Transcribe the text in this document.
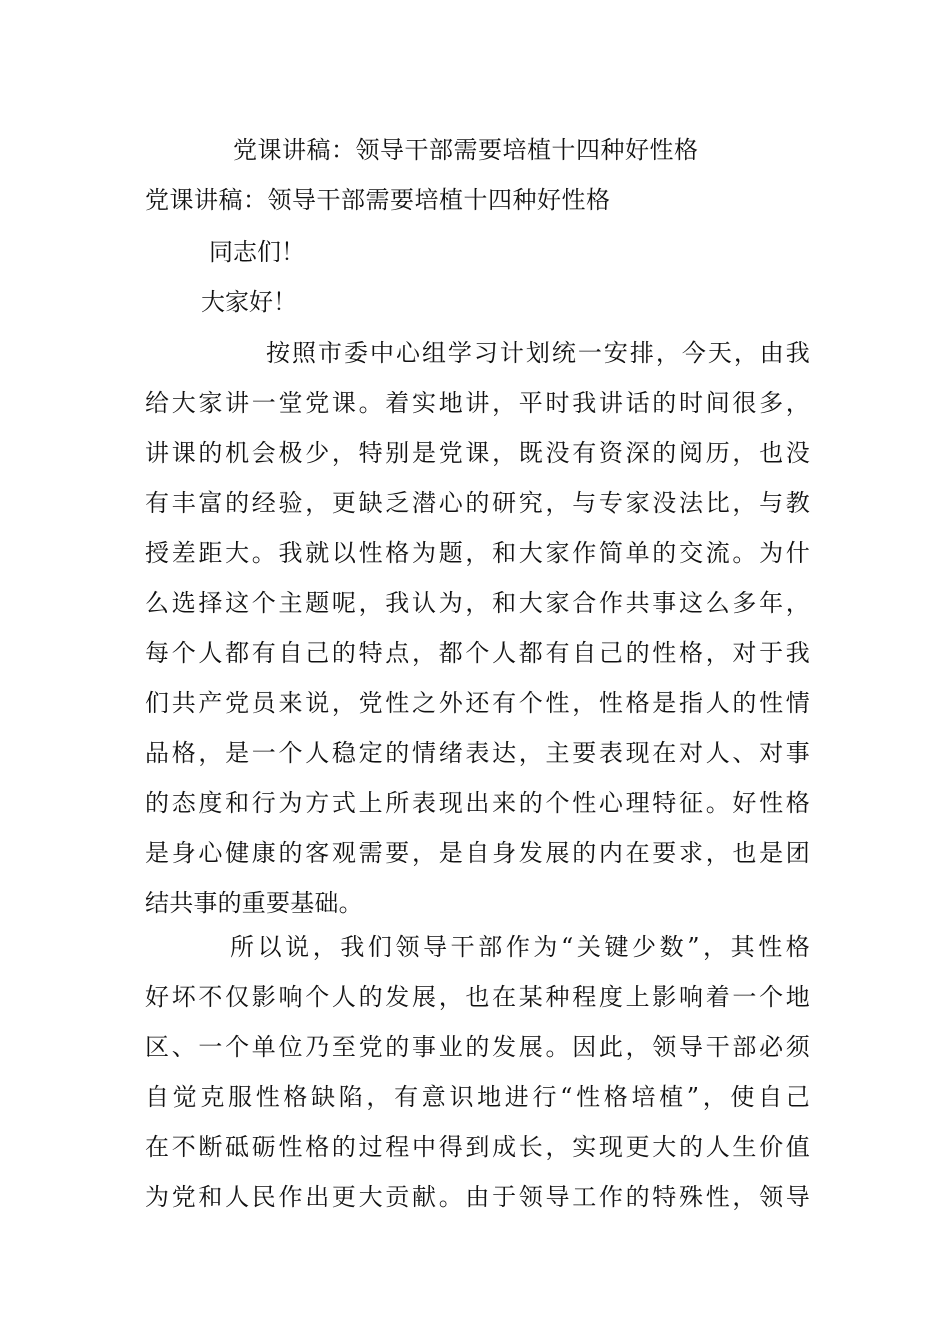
党课讲稿：领导干部需要培植十四种好性格
党课讲稿：领导干部需要培植十四种好性格
同志们！
大家好！
按照市委中心组学习计划统一安排，今天，由我
给大家讲一堂党课。着实地讲，平时我讲话的时间很多，
讲课的机会极少，特别是党课，既没有资深的阅历，也没
有丰富的经验，更缺乏潜心的研究，与专家没法比，与教
授差距大。我就以性格为题，和大家作简单的交流。为什
么选择这个主题呢，我认为，和大家合作共事这么多年，
每个人都有自己的特点，都个人都有自己的性格，对于我
们共产党员来说，党性之外还有个性，性格是指人的性情
品格，是一个人稳定的情绪表达，主要表现在对人、对事
的态度和行为方式上所表现出来的个性心理特征。好性格
是身心健康的客观需要，是自身发展的内在要求，也是团
结共事的重要基础。
所以说，我们领导干部作为“关键少数”，其性格
好坏不仅影响个人的发展，也在某种程度上影响着一个地
区、一个单位乃至党的事业的发展。因此，领导干部必须
自觉克服性格缺陷，有意识地进行“性格培植”，使自己
在不断砥砺性格的过程中得到成长，实现更大的人生价值
为党和人民作出更大贡献。由于领导工作的特殊性，领导
